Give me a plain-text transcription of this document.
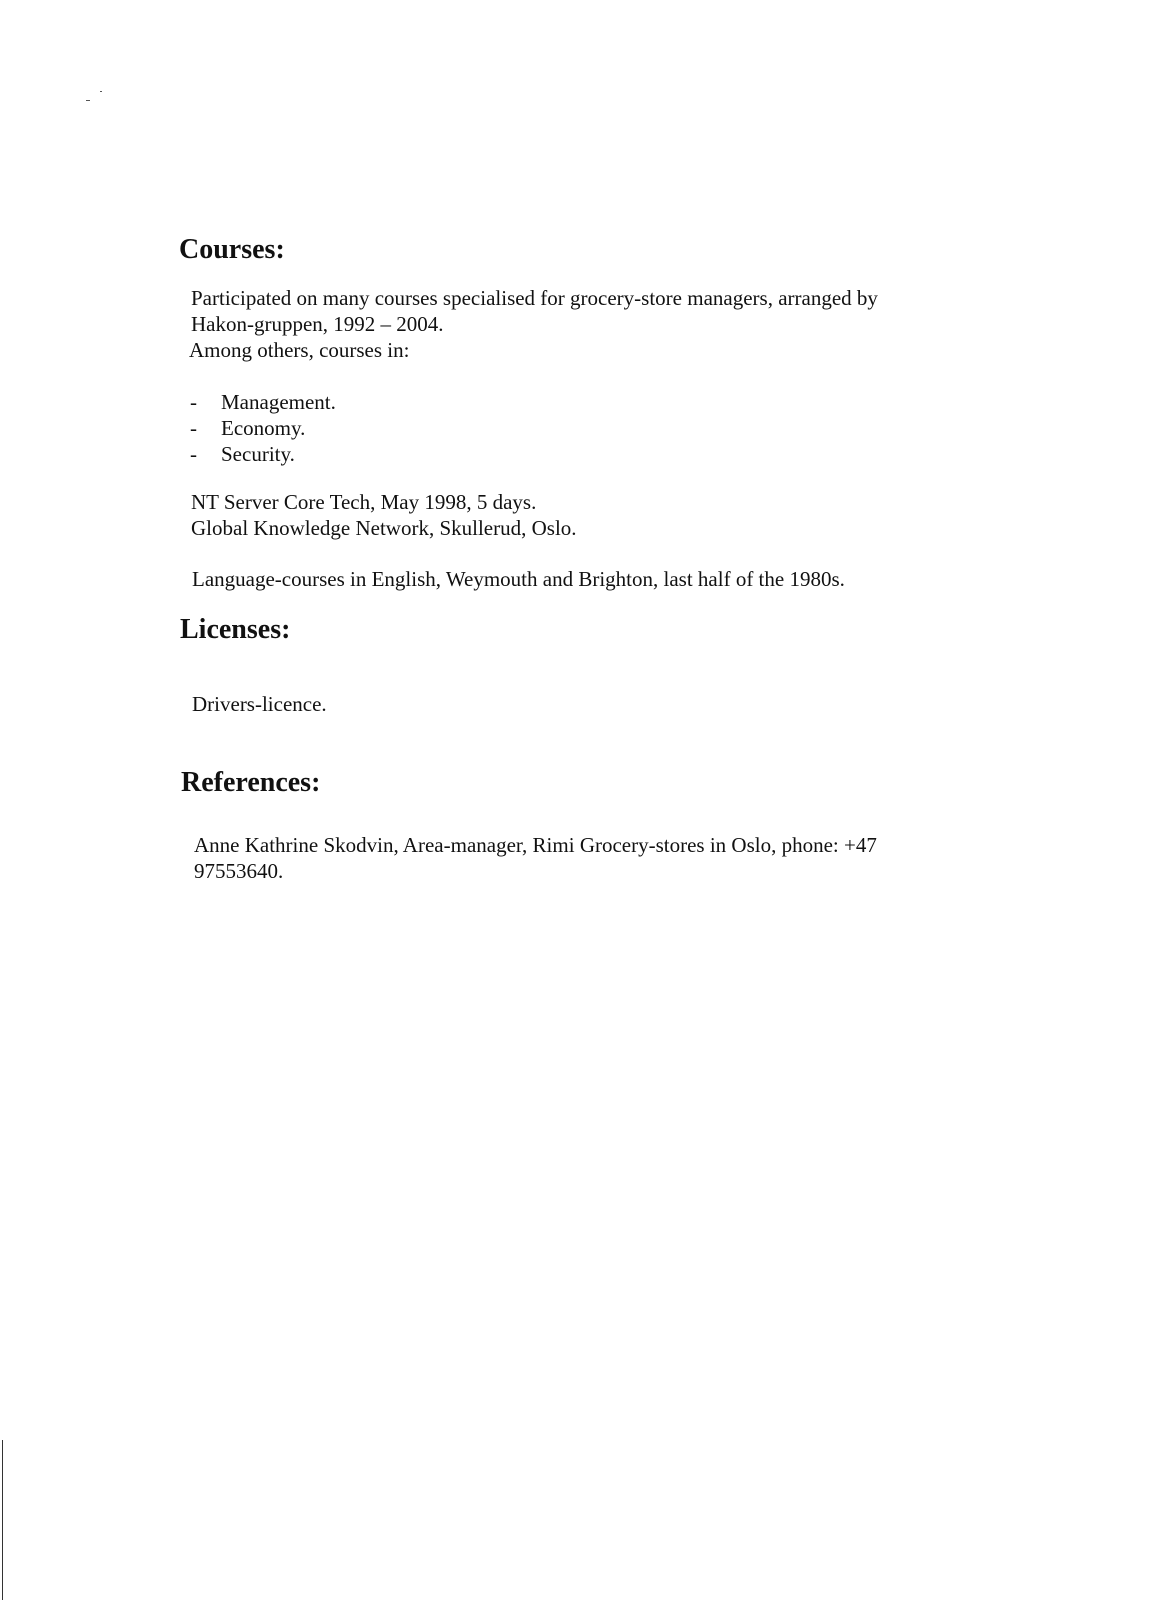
Courses:

Participated on many courses specialised for grocery-store managers, arranged by

Hakon-gruppen, 1992 – 2004.

Among others, courses in:

- Management.
- Economy.
- Security.

NT Server Core Tech, May 1998, 5 days.

Global Knowledge Network, Skullerud, Oslo.

Language-courses in English, Weymouth and Brighton, last half of the 1980s.

Licenses:

Drivers-licence.

References:

Anne Kathrine Skodvin, Area-manager, Rimi Grocery-stores in Oslo, phone: +47

97553640.
